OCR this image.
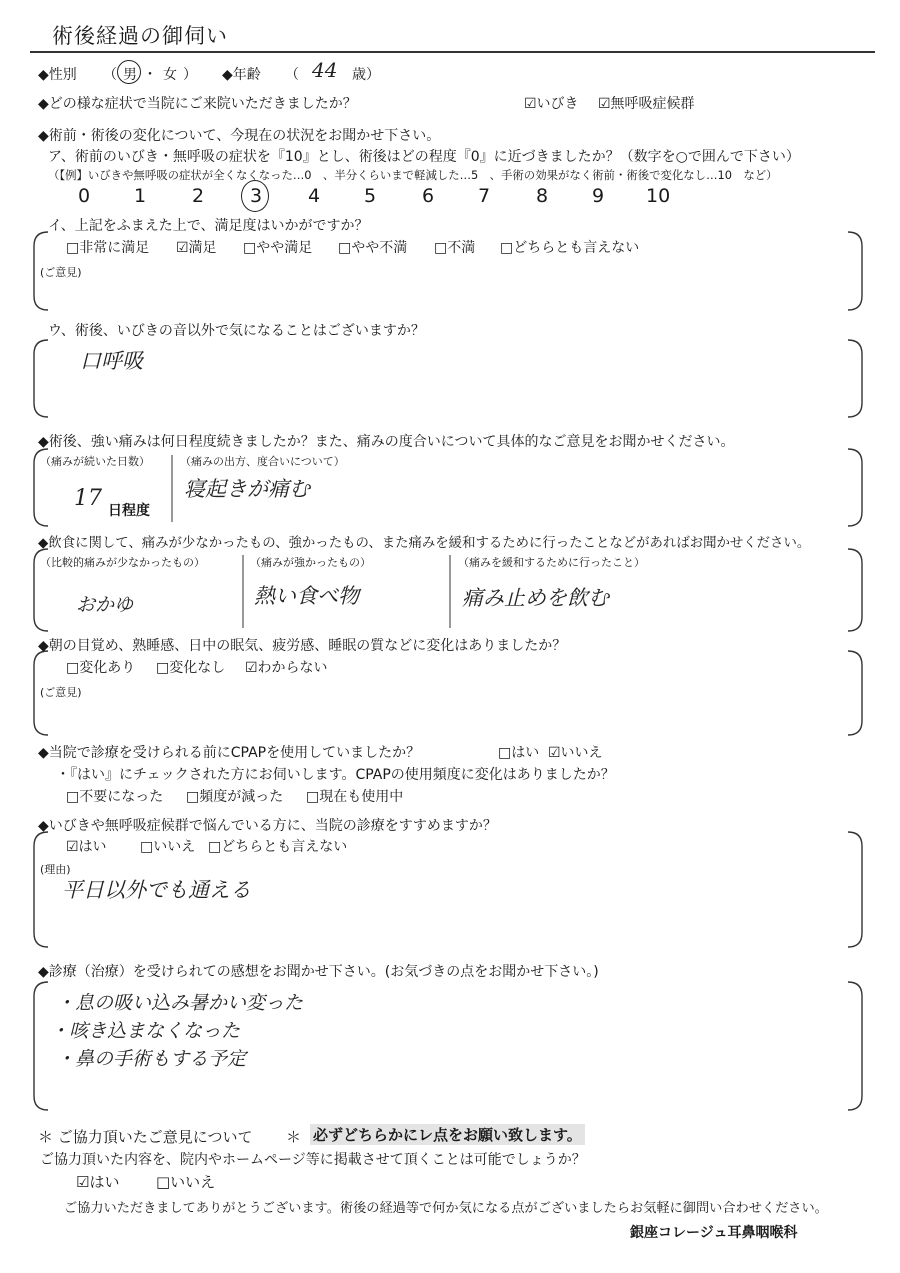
術後経過の御伺い
◆性別 （男・女） ◆年齢 （ 44 歳）
◆どの様な症状で当院にご来院いただきましたか？	☑いびき ☑無呼吸症候群
◆術前・術後の変化について、今現在の状況をお聞かせ下さい。
ア、術前のいびき・無呼吸の症状を『10』とし、術後はどの程度『0』に近づきましたか？（数字を○で囲んで下さい）
（【例】いびきや無呼吸の症状が全くなくなった…0　、半分くらいまで軽減した…5　、手術の効果がなく術前・術後で変化なし…10　など）
0 1 2 3 4 5 6 7 8 9 10
イ、上記をふまえた上で、満足度はいかがですか？
□非常に満足 ☑満足 □やや満足 □やや不満 □不満 □どちらとも言えない
(ご意見)
ウ、術後、いびきの音以外で気になることはございますか？
口呼吸
◆術後、強い痛みは何日程度続きましたか？また、痛みの度合いについて具体的なご意見をお聞かせください。
（痛みが続いた日数）
17 日程度
（痛みの出方、度合いについて）
寝起きが痛む
◆飲食に関して、痛みが少なかったもの、強かったもの、また痛みを緩和するために行ったことなどがあればお聞かせください。
（比較的痛みが少なかったもの）
おかゆ
（痛みが強かったもの）
熱い食べ物
（痛みを緩和するために行ったこと）
痛み止めを飲む
◆朝の目覚め、熟睡感、日中の眠気、疲労感、睡眠の質などに変化はありましたか？
□変化あり □変化なし ☑わからない
(ご意見)
◆当院で診療を受けられる前にCPAPを使用していましたか？	□はい ☑いいえ
・『はい』にチェックされた方にお伺いします。CPAPの使用頻度に変化はありましたか？
□不要になった □頻度が減った □現在も使用中
◆いびきや無呼吸症候群で悩んでいる方に、当院の診療をすすめますか？
☑はい □いいえ □どちらとも言えない
(理由)
平日以外でも通える
◆診療（治療）を受けられての感想をお聞かせ下さい。(お気づきの点をお聞かせ下さい。)
・息の吸い込み暑かい変った
・咳き込まなくなった
・鼻の手術もする予定
＊ ご協力頂いたご意見について ＊ 必ずどちらかにレ点をお願い致します。
ご協力頂いた内容を、院内やホームページ等に掲載させて頂くことは可能でしょうか？
☑はい □いいえ
ご協力いただきましてありがとうございます。術後の経過等で何か気になる点がございましたらお気軽に御問い合わせください。
銀座コレージュ耳鼻咽喉科
